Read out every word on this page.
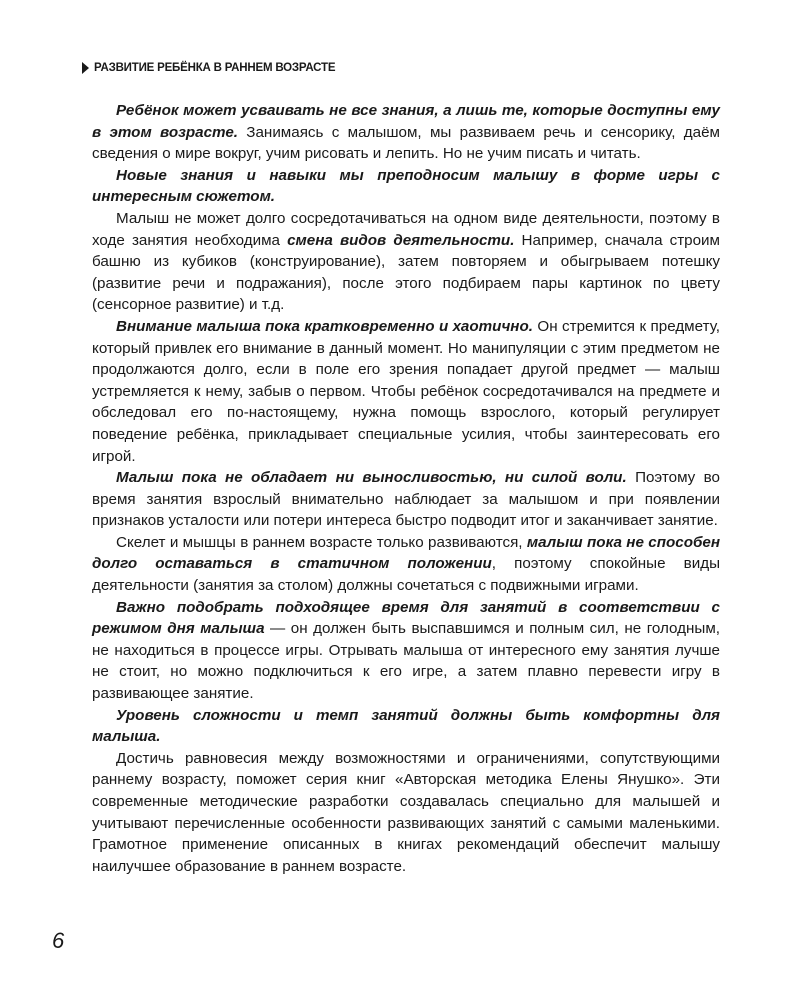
РАЗВИТИЕ РЕБЁНКА В РАННЕМ ВОЗРАСТЕ

Ребёнок может усваивать не все знания, а лишь те, которые доступны ему в этом возрасте. Занимаясь с малышом, мы развиваем речь и сенсорику, даём сведения о мире вокруг, учим рисовать и лепить. Но не учим писать и читать.

Новые знания и навыки мы преподносим малышу в форме игры с интересным сюжетом.

Малыш не может долго сосредотачиваться на одном виде деятельности, поэтому в ходе занятия необходима смена видов деятельности. Например, сначала строим башню из кубиков (конструирование), затем повторяем и обыгрываем потешку (развитие речи и подражания), после этого подбираем пары картинок по цвету (сенсорное развитие) и т.д.

Внимание малыша пока кратковременно и хаотично. Он стремится к предмету, который привлек его внимание в данный момент. Но манипуляции с этим предметом не продолжаются долго, если в поле его зрения попадает другой предмет — малыш устремляется к нему, забыв о первом. Чтобы ребёнок сосредотачивался на предмете и обследовал его по-настоящему, нужна помощь взрослого, который регулирует поведение ребёнка, прикладывает специальные усилия, чтобы заинтересовать его игрой.

Малыш пока не обладает ни выносливостью, ни силой воли. Поэтому во время занятия взрослый внимательно наблюдает за малышом и при появлении признаков усталости или потери интереса быстро подводит итог и заканчивает занятие.

Скелет и мышцы в раннем возрасте только развиваются, малыш пока не способен долго оставаться в статичном положении, поэтому спокойные виды деятельности (занятия за столом) должны сочетаться с подвижными играми.

Важно подобрать подходящее время для занятий в соответствии с режимом дня малыша — он должен быть выспавшимся и полным сил, не голодным, не находиться в процессе игры. Отрывать малыша от интересного ему занятия лучше не стоит, но можно подключиться к его игре, а затем плавно перевести игру в развивающее занятие.

Уровень сложности и темп занятий должны быть комфортны для малыша.

Достичь равновесия между возможностями и ограничениями, сопутствующими раннему возрасту, поможет серия книг «Авторская методика Елены Янушко». Эти современные методические разработки создавалась специально для малышей и учитывают перечисленные особенности развивающих занятий с самыми маленькими. Грамотное применение описанных в книгах рекомендаций обеспечит малышу наилучшее образование в раннем возрасте.

6
